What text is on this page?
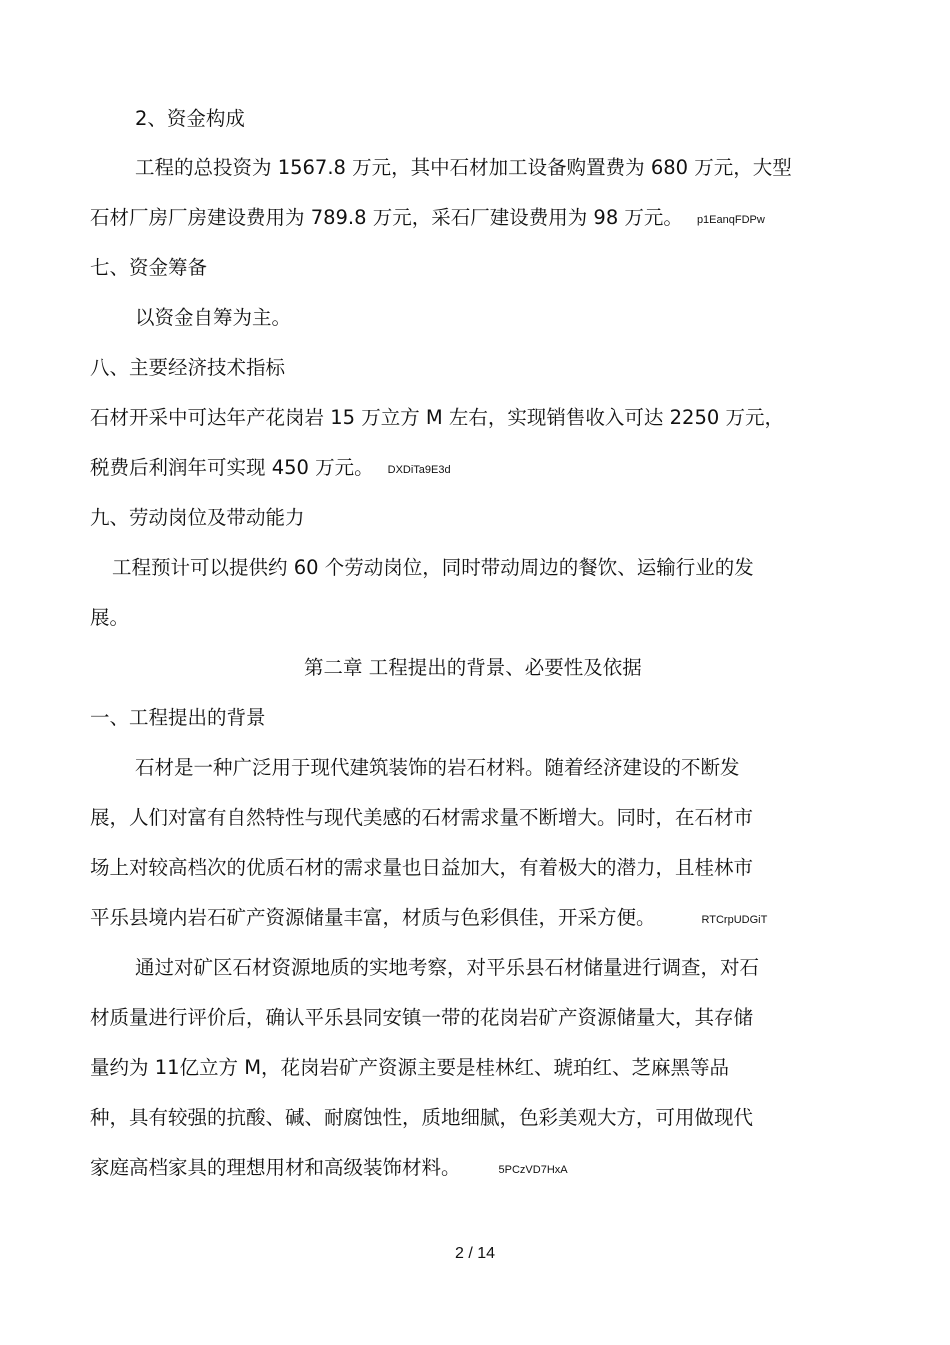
2、资金构成
工程的总投资为 1567.8 万元，其中石材加工设备购置费为 680 万元，大型
石材厂房厂房建设费用为 789.8 万元，采石厂建设费用为 98 万元。 p1EanqFDPw
七、资金筹备
以资金自筹为主。
八、主要经济技术指标
石材开采中可达年产花岗岩 15 万立方 M 左右，实现销售收入可达 2250 万元，
税费后利润年可实现 450 万元。 DXDiTa9E3d
九、劳动岗位及带动能力
工程预计可以提供约 60 个劳动岗位，同时带动周边的餐饮、运输行业的发
展。
第二章 工程提出的背景、必要性及依据
一、工程提出的背景
石材是一种广泛用于现代建筑装饰的岩石材料。随着经济建设的不断发
展，人们对富有自然特性与现代美感的石材需求量不断增大。同时，在石材市
场上对较高档次的优质石材的需求量也日益加大，有着极大的潜力，且桂林市
平乐县境内岩石矿产资源储量丰富，材质与色彩俱佳，开采方便。	RTCrpUDGiT
通过对矿区石材资源地质的实地考察，对平乐县石材储量进行调查，对石
材质量进行评价后，确认平乐县同安镇一带的花岗岩矿产资源储量大，其存储
量约为 11亿立方 M，花岗岩矿产资源主要是桂林红、琥珀红、芝麻黑等品
种，具有较强的抗酸、碱、耐腐蚀性，质地细腻，色彩美观大方，可用做现代
家庭高档家具的理想用材和高级装饰材料。	5PCzVD7HxA
2 / 14
